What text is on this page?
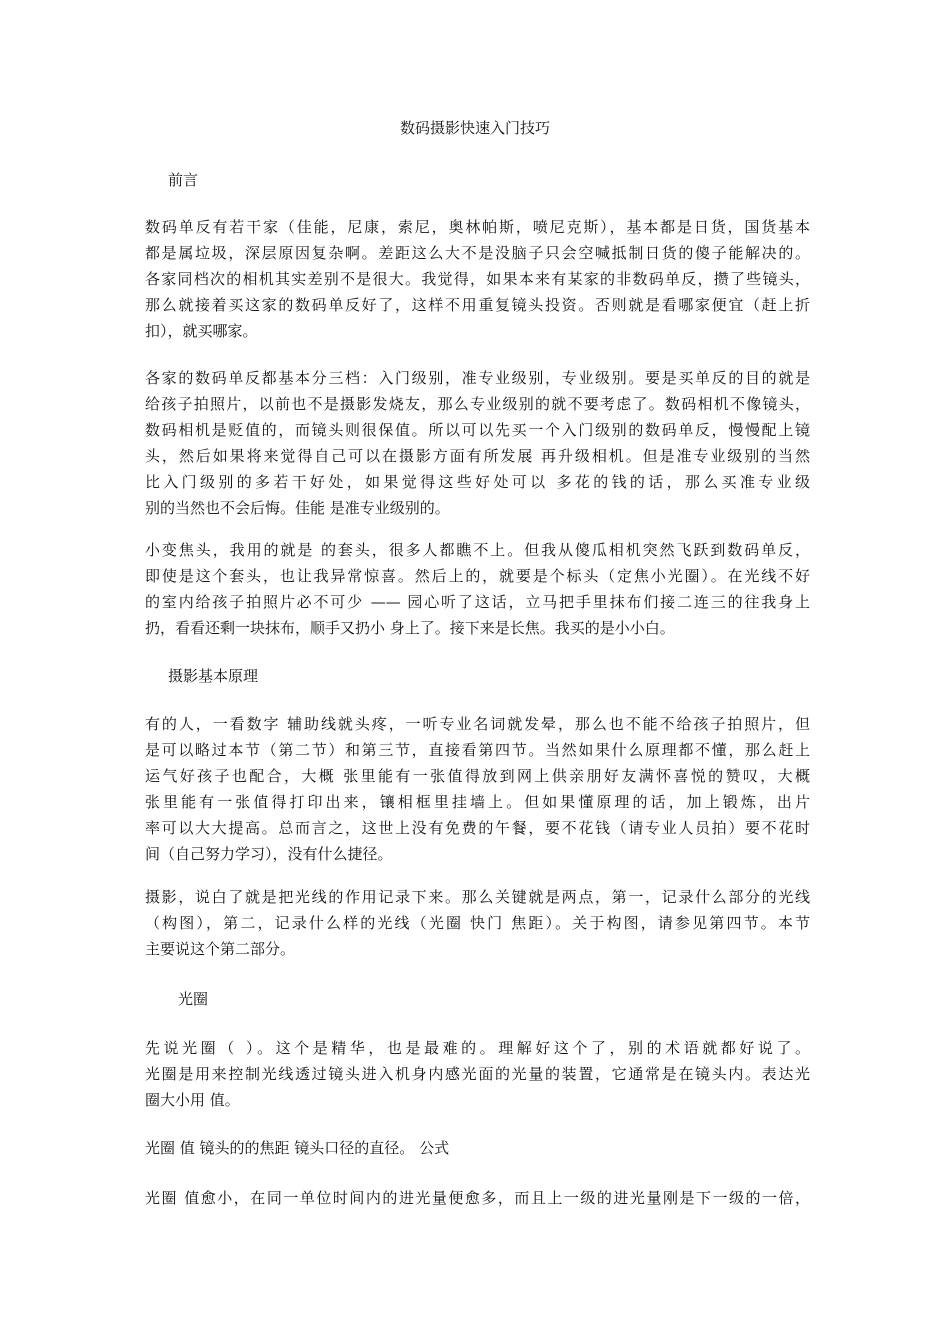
数码摄影快速入门技巧
前言
数码单反有若干家（佳能，尼康，索尼，奥林帕斯，喷尼克斯），基本都是日货，国货基本
都是属垃圾，深层原因复杂啊。差距这么大不是没脑子只会空喊抵制日货的傻子能解决的。
各家同档次的相机其实差别不是很大。我觉得，如果本来有某家的非数码单反，攒了些镜头，
那么就接着买这家的数码单反好了，这样不用重复镜头投资。否则就是看哪家便宜（赶上折
扣），就买哪家。
各家的数码单反都基本分三档：入门级别，准专业级别，专业级别。要是买单反的目的就是
给孩子拍照片，以前也不是摄影发烧友，那么专业级别的就不要考虑了。数码相机不像镜头，
数码相机是贬值的，而镜头则很保值。所以可以先买一个入门级别的数码单反，慢慢配上镜
头，然后如果将来觉得自己可以在摄影方面有所发展 再升级相机。但是准专业级别的当然
比入门级别的多若干好处，如果觉得这些好处可以 多花的钱的话，那么买准专业级
别的当然也不会后悔。佳能 是准专业级别的。
小变焦头，我用的就是 的套头，很多人都瞧不上。但我从傻瓜相机突然飞跃到数码单反，
即使是这个套头，也让我异常惊喜。然后上的，就要是个标头（定焦小光圈）。在光线不好
的室内给孩子拍照片必不可少 —— 园心听了这话，立马把手里抹布们接二连三的往我身上
扔，看看还剩一块抹布，顺手又扔小 身上了。接下来是长焦。我买的是小小白。
摄影基本原理
有的人，一看数字 辅助线就头疼，一听专业名词就发晕，那么也不能不给孩子拍照片，但
是可以略过本节（第二节）和第三节，直接看第四节。当然如果什么原理都不懂，那么赶上
运气好孩子也配合，大概 张里能有一张值得放到网上供亲朋好友满怀喜悦的赞叹，大概
张里能有一张值得打印出来，镶相框里挂墙上。但如果懂原理的话，加上锻炼，出片
率可以大大提高。总而言之，这世上没有免费的午餐，要不花钱（请专业人员拍）要不花时
间（自己努力学习），没有什么捷径。
摄影，说白了就是把光线的作用记录下来。那么关键就是两点，第一，记录什么部分的光线
（构图），第二，记录什么样的光线（光圈 快门 焦距）。关于构图，请参见第四节。本节
主要说这个第二部分。
光圈
先说光圈（ ）。这个是精华，也是最难的。理解好这个了，别的术语就都好说了。
光圈是用来控制光线透过镜头进入机身内感光面的光量的装置，它通常是在镜头内。表达光
圈大小用 值。
光圈 值 镜头的的焦距 镜头口径的直径。 公式
光圈 值愈小，在同一单位时间内的进光量便愈多，而且上一级的进光量刚是下一级的一倍，
